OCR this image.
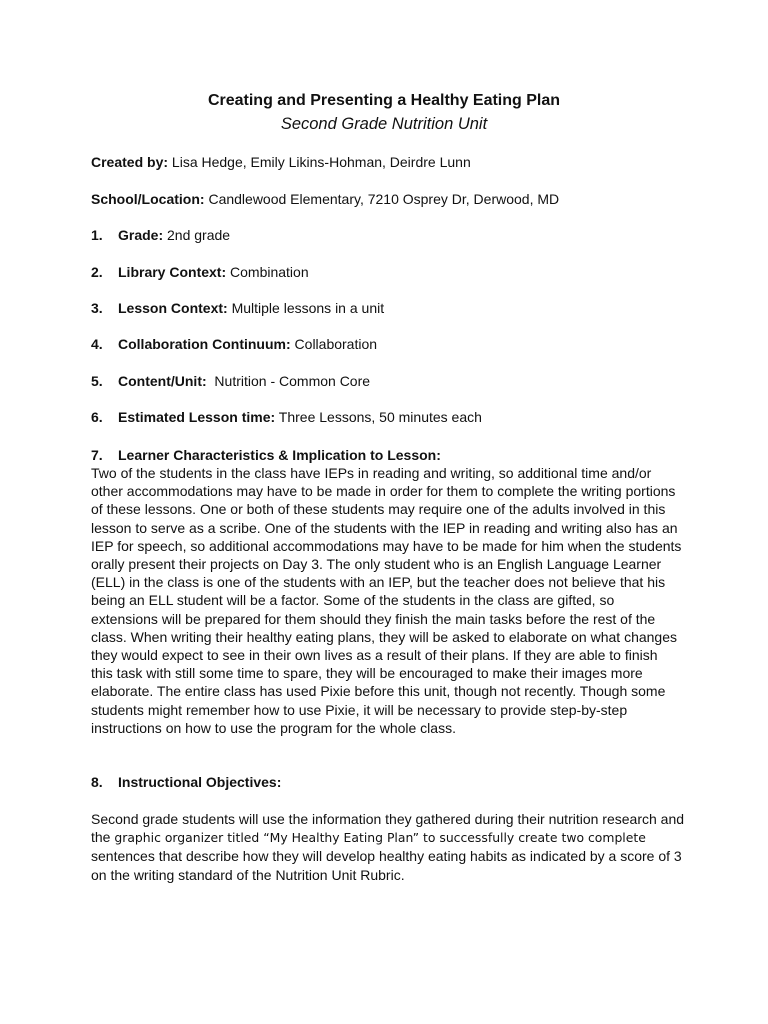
Creating and Presenting a Healthy Eating Plan
Second Grade Nutrition Unit
Created by: Lisa Hedge, Emily Likins-Hohman, Deirdre Lunn
School/Location: Candlewood Elementary, 7210 Osprey Dr, Derwood, MD
1. Grade: 2nd grade
2. Library Context: Combination
3. Lesson Context: Multiple lessons in a unit
4. Collaboration Continuum: Collaboration
5. Content/Unit:  Nutrition - Common Core
6. Estimated Lesson time: Three Lessons, 50 minutes each
7. Learner Characteristics & Implication to Lesson:

Two of the students in the class have IEPs in reading and writing, so additional time and/or

other accommodations may have to be made in order for them to complete the writing portions

of these lessons. One or both of these students may require one of the adults involved in this

lesson to serve as a scribe. One of the students with the IEP in reading and writing also has an

IEP for speech, so additional accommodations may have to be made for him when the students

orally present their projects on Day 3. The only student who is an English Language Learner

(ELL) in the class is one of the students with an IEP, but the teacher does not believe that his

being an ELL student will be a factor. Some of the students in the class are gifted, so

extensions will be prepared for them should they finish the main tasks before the rest of the

class. When writing their healthy eating plans, they will be asked to elaborate on what changes

they would expect to see in their own lives as a result of their plans. If they are able to finish

this task with still some time to spare, they will be encouraged to make their images more

elaborate. The entire class has used Pixie before this unit, though not recently. Though some

students might remember how to use Pixie, it will be necessary to provide step-by-step

instructions on how to use the program for the whole class.

8. Instructional Objectives:

Second grade students will use the information they gathered during their nutrition research and

the graphic organizer titled “My Healthy Eating Plan” to successfully create two complete

sentences that describe how they will develop healthy eating habits as indicated by a score of 3

on the writing standard of the Nutrition Unit Rubric.
